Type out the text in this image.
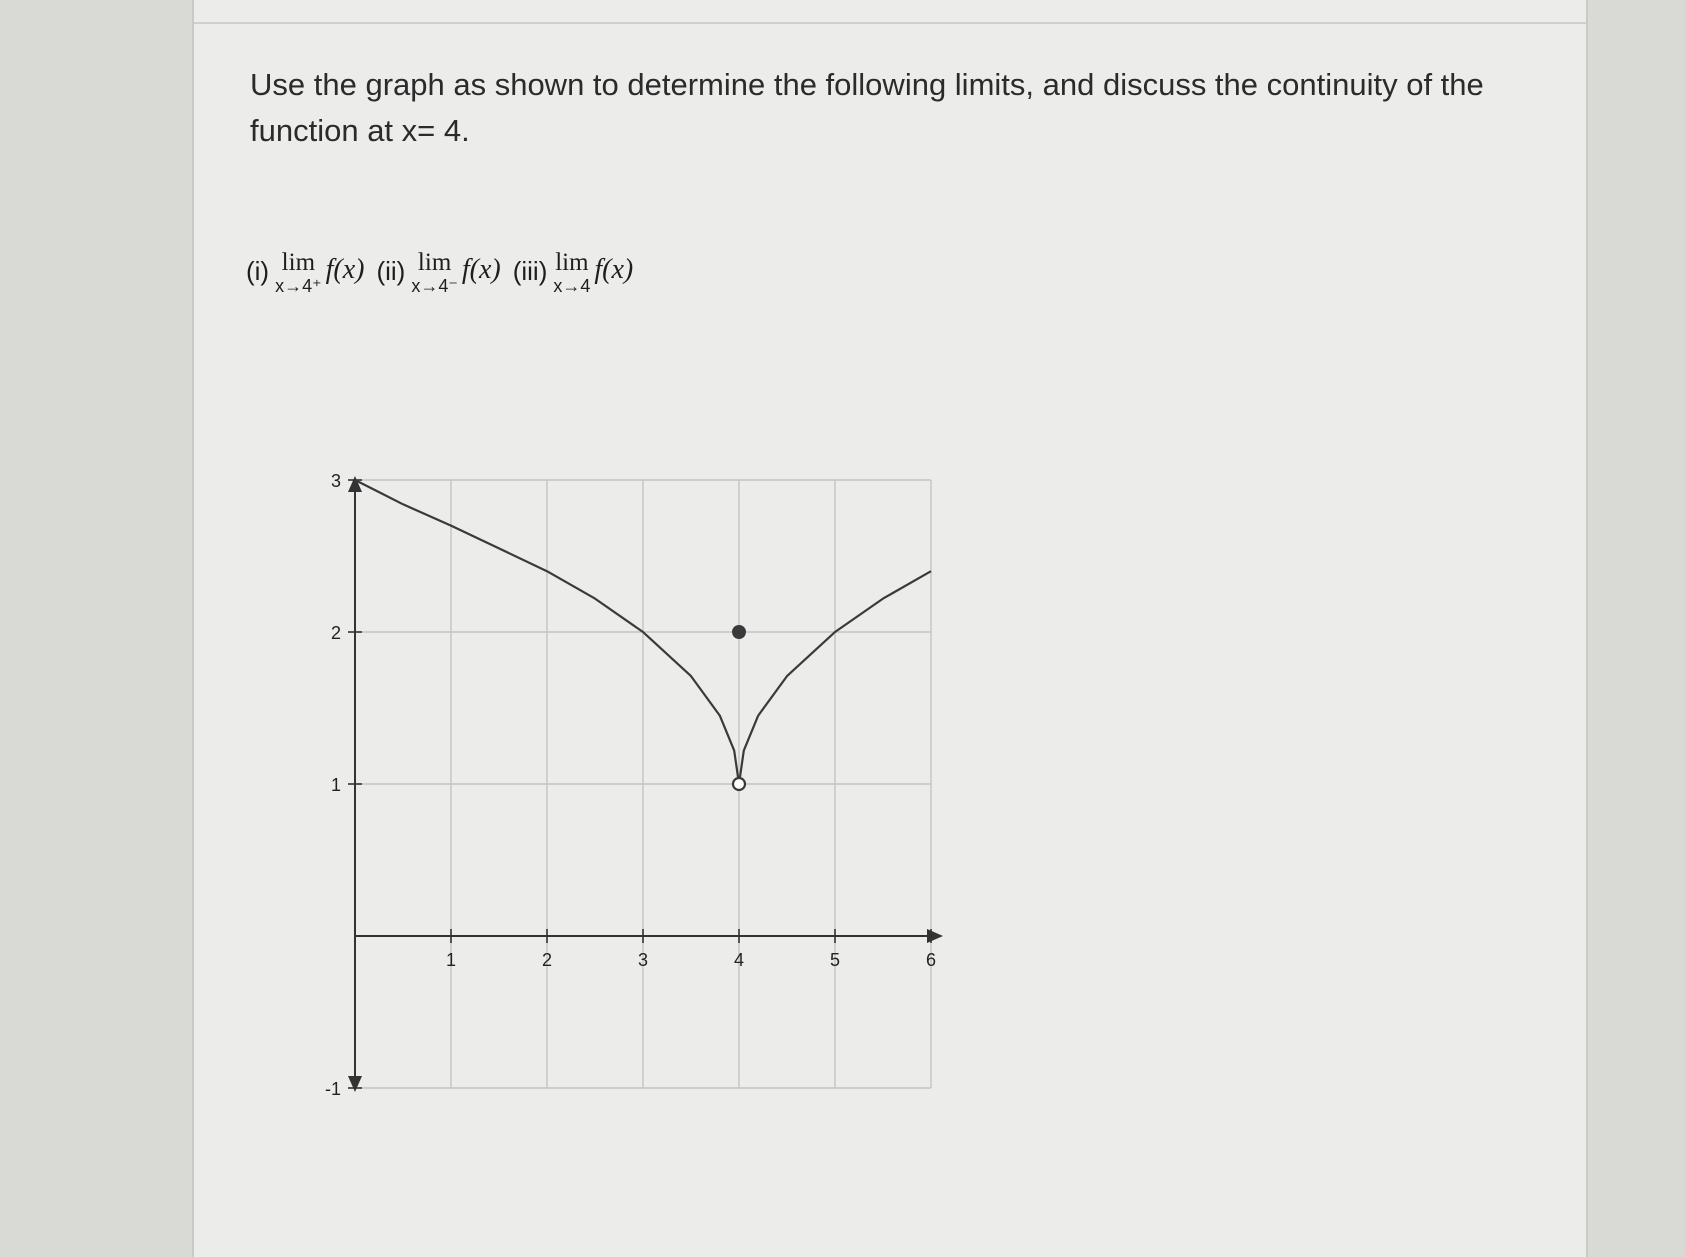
Use the graph as shown to determine the following limits, and discuss the continuity of the function at x= 4.
(i) lim
x→4⁺
f(x) (ii) lim
x→4⁻
f(x) (iii) lim
x→4
f(x)
1	2	3	4	5	6
3
2
1
-1
